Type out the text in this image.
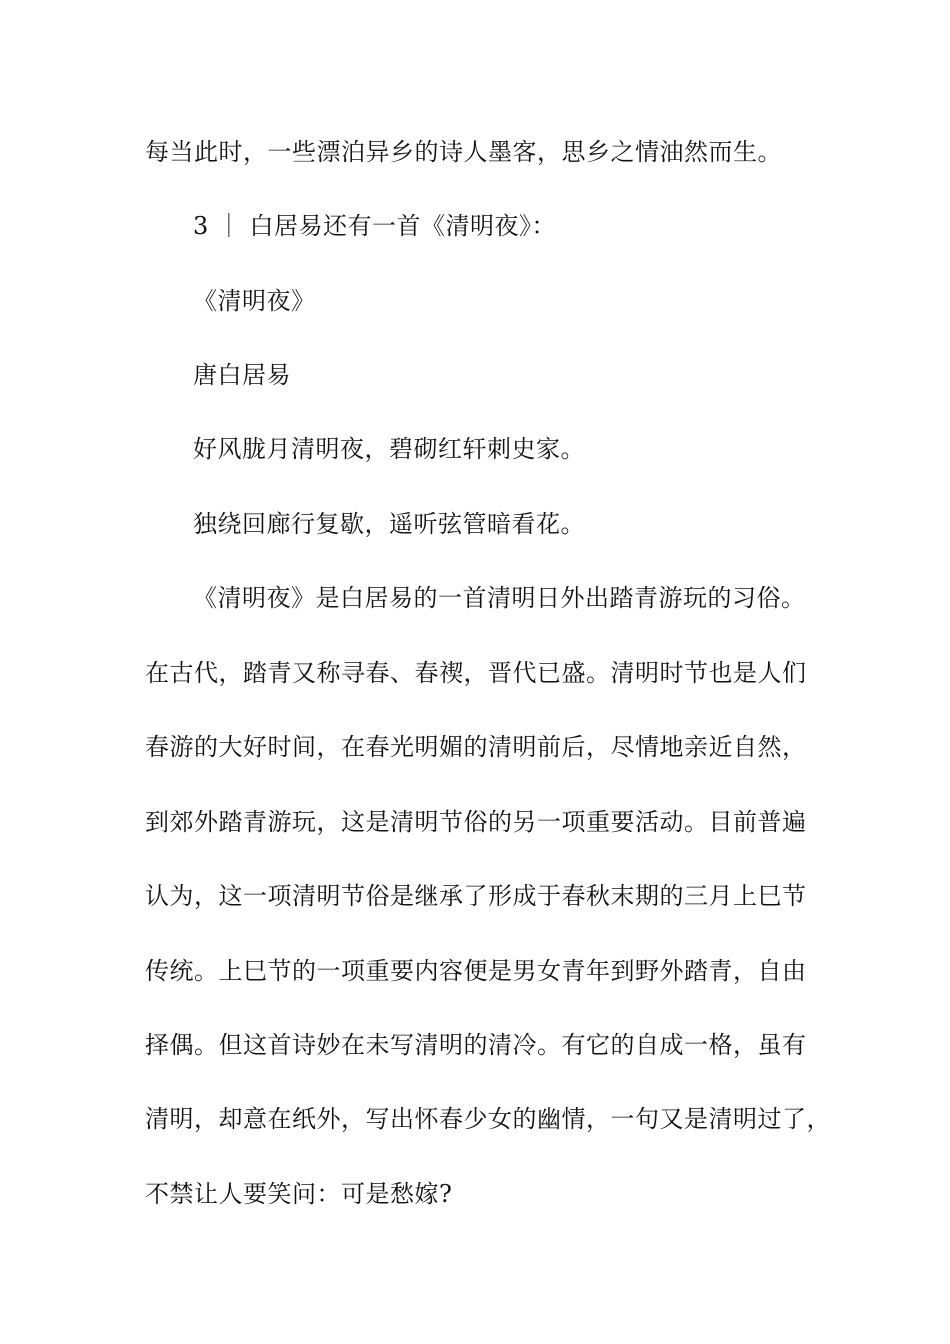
每当此时，一些漂泊异乡的诗人墨客，思乡之情油然而生。
3 ｜ 白居易还有一首《清明夜》：
《清明夜》
唐白居易
好风胧月清明夜，碧砌红轩刺史家。
独绕回廊行复歇，遥听弦管暗看花。
《清明夜》是白居易的一首清明日外出踏青游玩的习俗。
在古代，踏青又称寻春、春禊，晋代已盛。清明时节也是人们
春游的大好时间，在春光明媚的清明前后，尽情地亲近自然，
到郊外踏青游玩，这是清明节俗的另一项重要活动。目前普遍
认为，这一项清明节俗是继承了形成于春秋末期的三月上巳节
传统。上巳节的一项重要内容便是男女青年到野外踏青，自由
择偶。但这首诗妙在未写清明的清冷。有它的自成一格，虽有
清明，却意在纸外，写出怀春少女的幽情，一句又是清明过了，
不禁让人要笑问：可是愁嫁?
